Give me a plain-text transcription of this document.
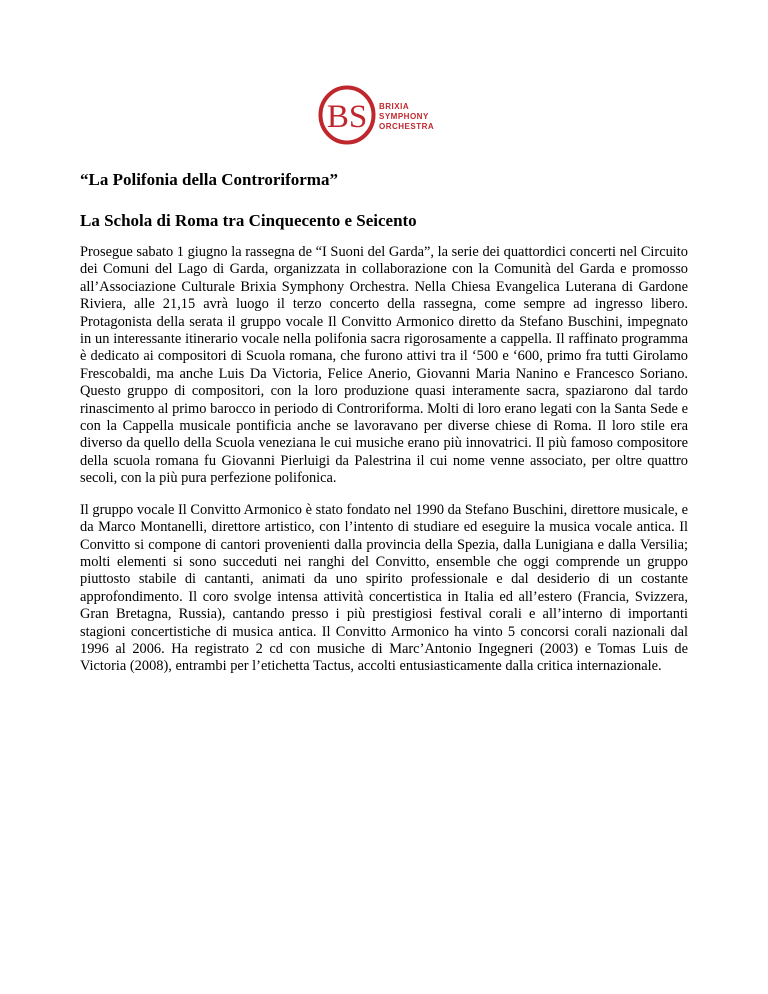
BS BRIXIA
SYMPHONY
ORCHESTRA
“La Polifonia della Controriforma”
La Schola di Roma tra Cinquecento e Seicento

Prosegue sabato 1 giugno la rassegna de “I Suoni del Garda”, la serie dei quattordici concerti nel Circuito dei Comuni del Lago di Garda, organizzata in collaborazione con la Comunità del Garda e promosso all’Associazione Culturale Brixia Symphony Orchestra. Nella Chiesa Evangelica Luterana di Gardone Riviera, alle 21,15 avrà luogo il terzo concerto della rassegna, come sempre ad ingresso libero. Protagonista della serata il gruppo vocale Il Convitto Armonico diretto da Stefano Buschini, impegnato in un interessante itinerario vocale nella polifonia sacra rigorosamente a cappella. Il raffinato programma è dedicato ai compositori di Scuola romana, che furono attivi tra il ‘500 e ‘600, primo fra tutti Girolamo Frescobaldi, ma anche Luis Da Victoria, Felice Anerio, Giovanni Maria Nanino e Francesco Soriano. Questo gruppo di compositori, con la loro produzione quasi interamente sacra, spaziarono dal tardo rinascimento al primo barocco in periodo di Controriforma. Molti di loro erano legati con la Santa Sede e con la Cappella musicale pontificia anche se lavoravano per diverse chiese di Roma. Il loro stile era diverso da quello della Scuola veneziana le cui musiche erano più innovatrici. Il più famoso compositore della scuola romana fu Giovanni Pierluigi da Palestrina il cui nome venne associato, per oltre quattro secoli, con la più pura perfezione polifonica.

Il gruppo vocale Il Convitto Armonico è stato fondato nel 1990 da Stefano Buschini, direttore musicale, e da Marco Montanelli, direttore artistico, con l’intento di studiare ed eseguire la musica vocale antica. Il Convitto si compone di cantori provenienti dalla provincia della Spezia, dalla Lunigiana e dalla Versilia; molti elementi si sono succeduti nei ranghi del Convitto, ensemble che oggi comprende un gruppo piuttosto stabile di cantanti, animati da uno spirito professionale e dal desiderio di un costante approfondimento. Il coro svolge intensa attività concertistica in Italia ed all’estero (Francia, Svizzera, Gran Bretagna, Russia), cantando presso i più prestigiosi festival corali e all’interno di importanti stagioni concertistiche di musica antica. Il Convitto Armonico ha vinto 5 concorsi corali nazionali dal 1996 al 2006. Ha registrato 2 cd con musiche di Marc’Antonio Ingegneri (2003) e Tomas Luis de Victoria (2008), entrambi per l’etichetta Tactus, accolti entusiasticamente dalla critica internazionale.
